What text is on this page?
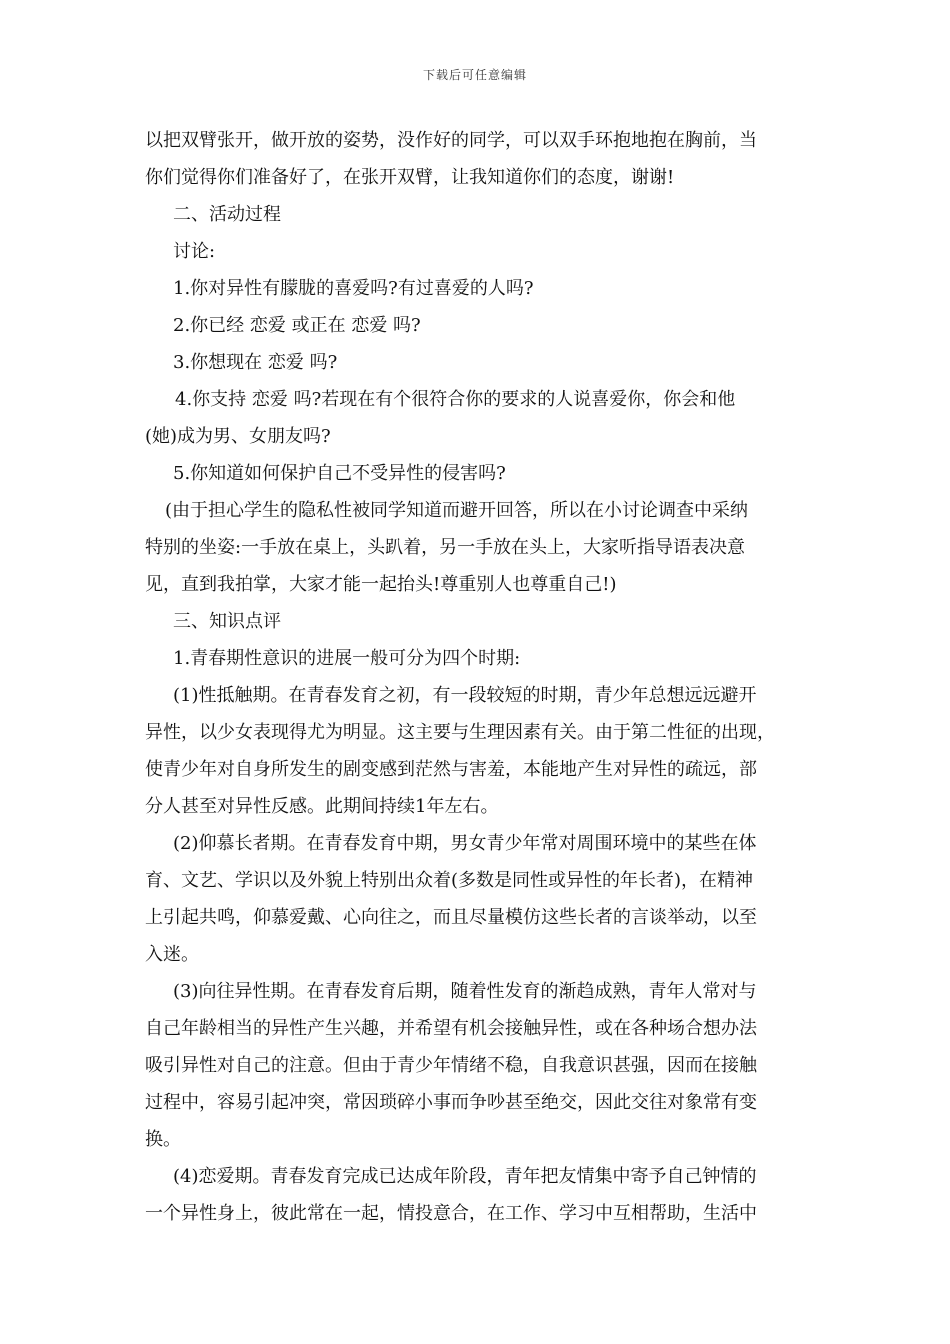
下载后可任意编辑

以把双臂张开，做开放的姿势，没作好的同学，可以双手环抱地抱在胸前，当

你们觉得你们准备好了，在张开双臂，让我知道你们的态度，谢谢!

二、活动过程

讨论:

1.你对异性有朦胧的喜爱吗?有过喜爱的人吗?

2.你已经 恋爱 或正在 恋爱 吗?

3.你想现在 恋爱 吗?

4.你支持 恋爱 吗?若现在有个很符合你的要求的人说喜爱你，你会和他

(她)成为男、女朋友吗?

5.你知道如何保护自己不受异性的侵害吗?

(由于担心学生的隐私性被同学知道而避开回答，所以在小讨论调查中采纳

特别的坐姿:一手放在桌上，头趴着，另一手放在头上，大家听指导语表决意

见，直到我拍掌，大家才能一起抬头!尊重别人也尊重自己!)

三、知识点评

1.青春期性意识的进展一般可分为四个时期:

(1)性抵触期。在青春发育之初，有一段较短的时期，青少年总想远远避开

异性，以少女表现得尤为明显。这主要与生理因素有关。由于第二性征的出现，

使青少年对自身所发生的剧变感到茫然与害羞，本能地产生对异性的疏远，部

分人甚至对异性反感。此期间持续1年左右。

(2)仰慕长者期。在青春发育中期，男女青少年常对周围环境中的某些在体

育、文艺、学识以及外貌上特别出众着(多数是同性或异性的年长者)，在精神

上引起共鸣，仰慕爱戴、心向往之，而且尽量模仿这些长者的言谈举动，以至

入迷。

(3)向往异性期。在青春发育后期，随着性发育的渐趋成熟，青年人常对与

自己年龄相当的异性产生兴趣，并希望有机会接触异性，或在各种场合想办法

吸引异性对自己的注意。但由于青少年情绪不稳，自我意识甚强，因而在接触

过程中，容易引起冲突，常因琐碎小事而争吵甚至绝交，因此交往对象常有变

换。

(4)恋爱期。青春发育完成已达成年阶段，青年把友情集中寄予自己钟情的

一个异性身上，彼此常在一起，情投意合，在工作、学习中互相帮助，生活中
